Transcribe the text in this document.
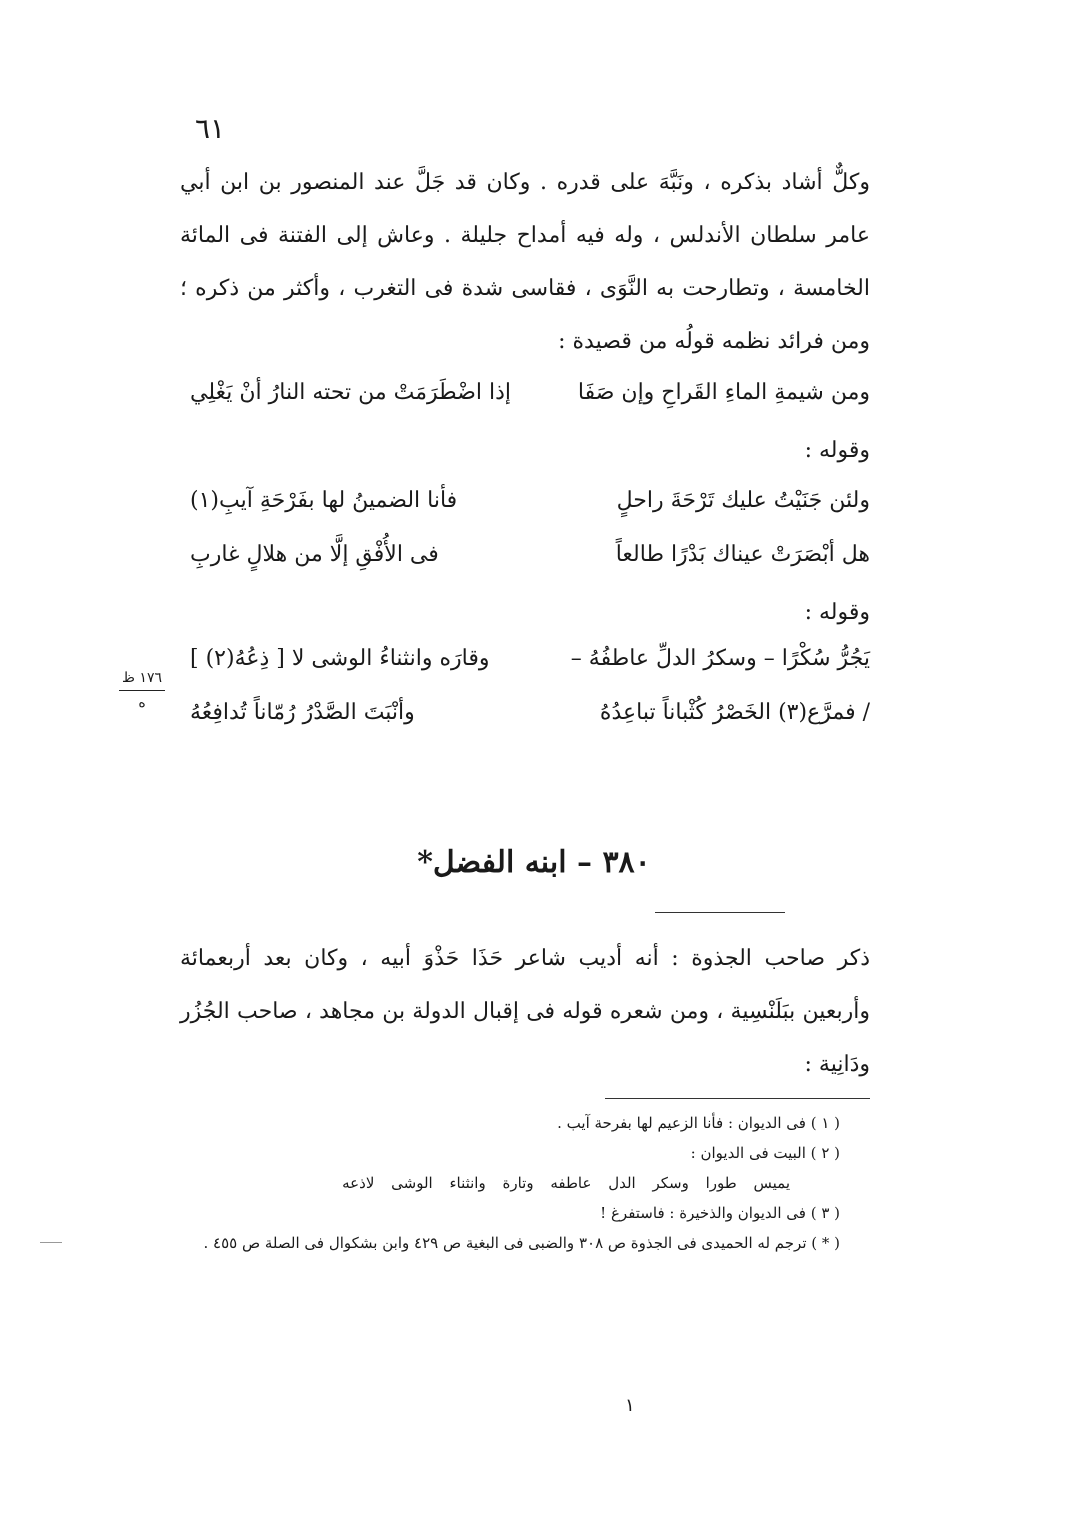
٦١

وكلٌّ أشاد بذكره ، ونَبَّهَ على قدره . وكان قد جَلَّ عند المنصور بن ابن أبي عامر سلطان الأندلس ، وله فيه أمداح جليلة . وعاش إلى الفتنة فى المائة الخامسة ، وتطارحت به النَّوَى ، فقاسى شدة فى التغرب ، وأكثر من ذكره ؛ ومن فرائد نظمه قولُه من قصيدة :

ومن شيمةِ الماءِ القَراحِ وإن صَفَا
إذا اضْطَرَمَتْ من تحته النارُ أنْ يَغْلِي
وقوله :
ولئن جَنَيْتُ عليك تَرْحَةَ راحلٍ
فأنا الضمينُ لها بفَرْحَةِ آيبِ(١)
هل أبْصَرَتْ عيناك بَدْرًا طالعاً
فى الأُفْقِ إلَّا من هلالٍ غاربِ
وقوله :
يَجُرُّ سُكْرًا – وسكرُ الدلِّ عاطفُهُ –
وقارَه وانثناءُ الوشى لا [ ذِعُهُ(٢) ]
/ فمرَّع(٣) الخَصْرُ كُثْباناً تباعِدُهُ
وأنْبَتَ الصَّدْرُ رُمّاناً تُدافِعُهُ
١٧٦ ظ
ه
٣٨٠ – ابنه الفضل*

ذكر صاحب الجذوة : أنه أديب شاعر حَذَا حَذْوَ أبيه ، وكان بعد أربعمائة وأربعين ببَلَنْسِية ، ومن شعره قوله فى إقبال الدولة بن مجاهد ، صاحب الجُزُر ودَانِية :

( ١ ) فى الديوان : فأنا الزعيم لها بفرحة آيب .

( ٢ ) البيت فى الديوان :

يميس طورا وسكر الدل عاطفه وتارة وانثناء الوشى لاذعه

( ٣ ) فى الديوان والذخيرة : فاستفرغ !

( * ) ترجم له الحميدى فى الجذوة ص ٣٠٨ والضبى فى البغية ص ٤٢٩ وابن بشكوال فى الصلة ص ٤٥٥ .

١
